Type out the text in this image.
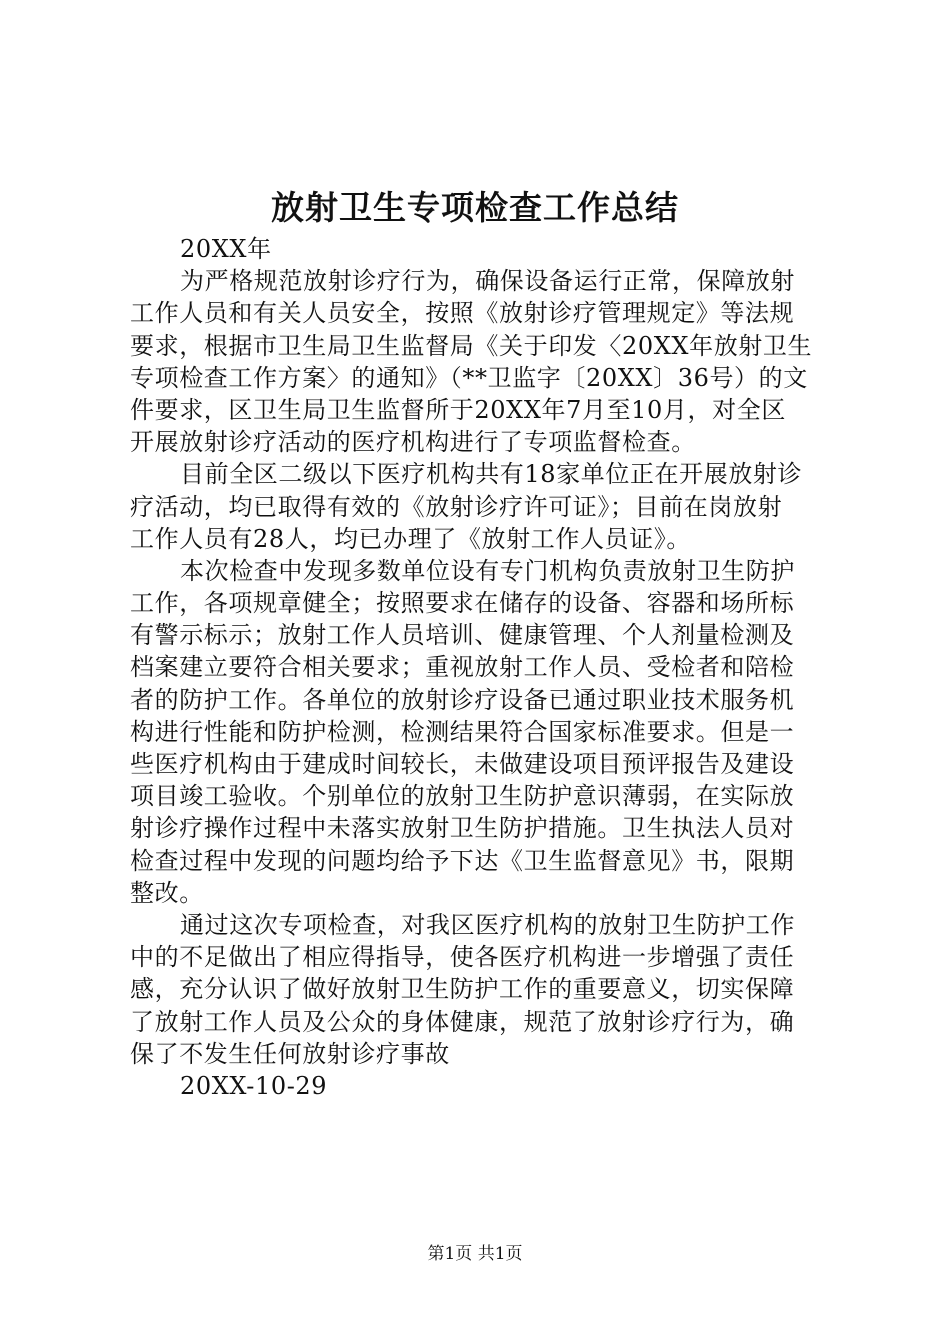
放射卫生专项检查工作总结
20XX年
为严格规范放射诊疗行为，确保设备运行正常，保障放射
工作人员和有关人员安全，按照《放射诊疗管理规定》等法规
要求，根据市卫生局卫生监督局《关于印发〈20XX年放射卫生
专项检查工作方案〉的通知》（**卫监字〔20XX〕36号）的文
件要求，区卫生局卫生监督所于20XX年7月至10月，对全区
开展放射诊疗活动的医疗机构进行了专项监督检查。
目前全区二级以下医疗机构共有18家单位正在开展放射诊
疗活动，均已取得有效的《放射诊疗许可证》；目前在岗放射
工作人员有28人，均已办理了《放射工作人员证》。
本次检查中发现多数单位设有专门机构负责放射卫生防护
工作，各项规章健全；按照要求在储存的设备、容器和场所标
有警示标示；放射工作人员培训、健康管理、个人剂量检测及
档案建立要符合相关要求；重视放射工作人员、受检者和陪检
者的防护工作。各单位的放射诊疗设备已通过职业技术服务机
构进行性能和防护检测，检测结果符合国家标准要求。但是一
些医疗机构由于建成时间较长，未做建设项目预评报告及建设
项目竣工验收。个别单位的放射卫生防护意识薄弱，在实际放
射诊疗操作过程中未落实放射卫生防护措施。卫生执法人员对
检查过程中发现的问题均给予下达《卫生监督意见》书，限期
整改。
通过这次专项检查，对我区医疗机构的放射卫生防护工作
中的不足做出了相应得指导，使各医疗机构进一步增强了责任
感，充分认识了做好放射卫生防护工作的重要意义，切实保障
了放射工作人员及公众的身体健康，规范了放射诊疗行为，确
保了不发生任何放射诊疗事故
20XX-10-29
第1页 共1页
